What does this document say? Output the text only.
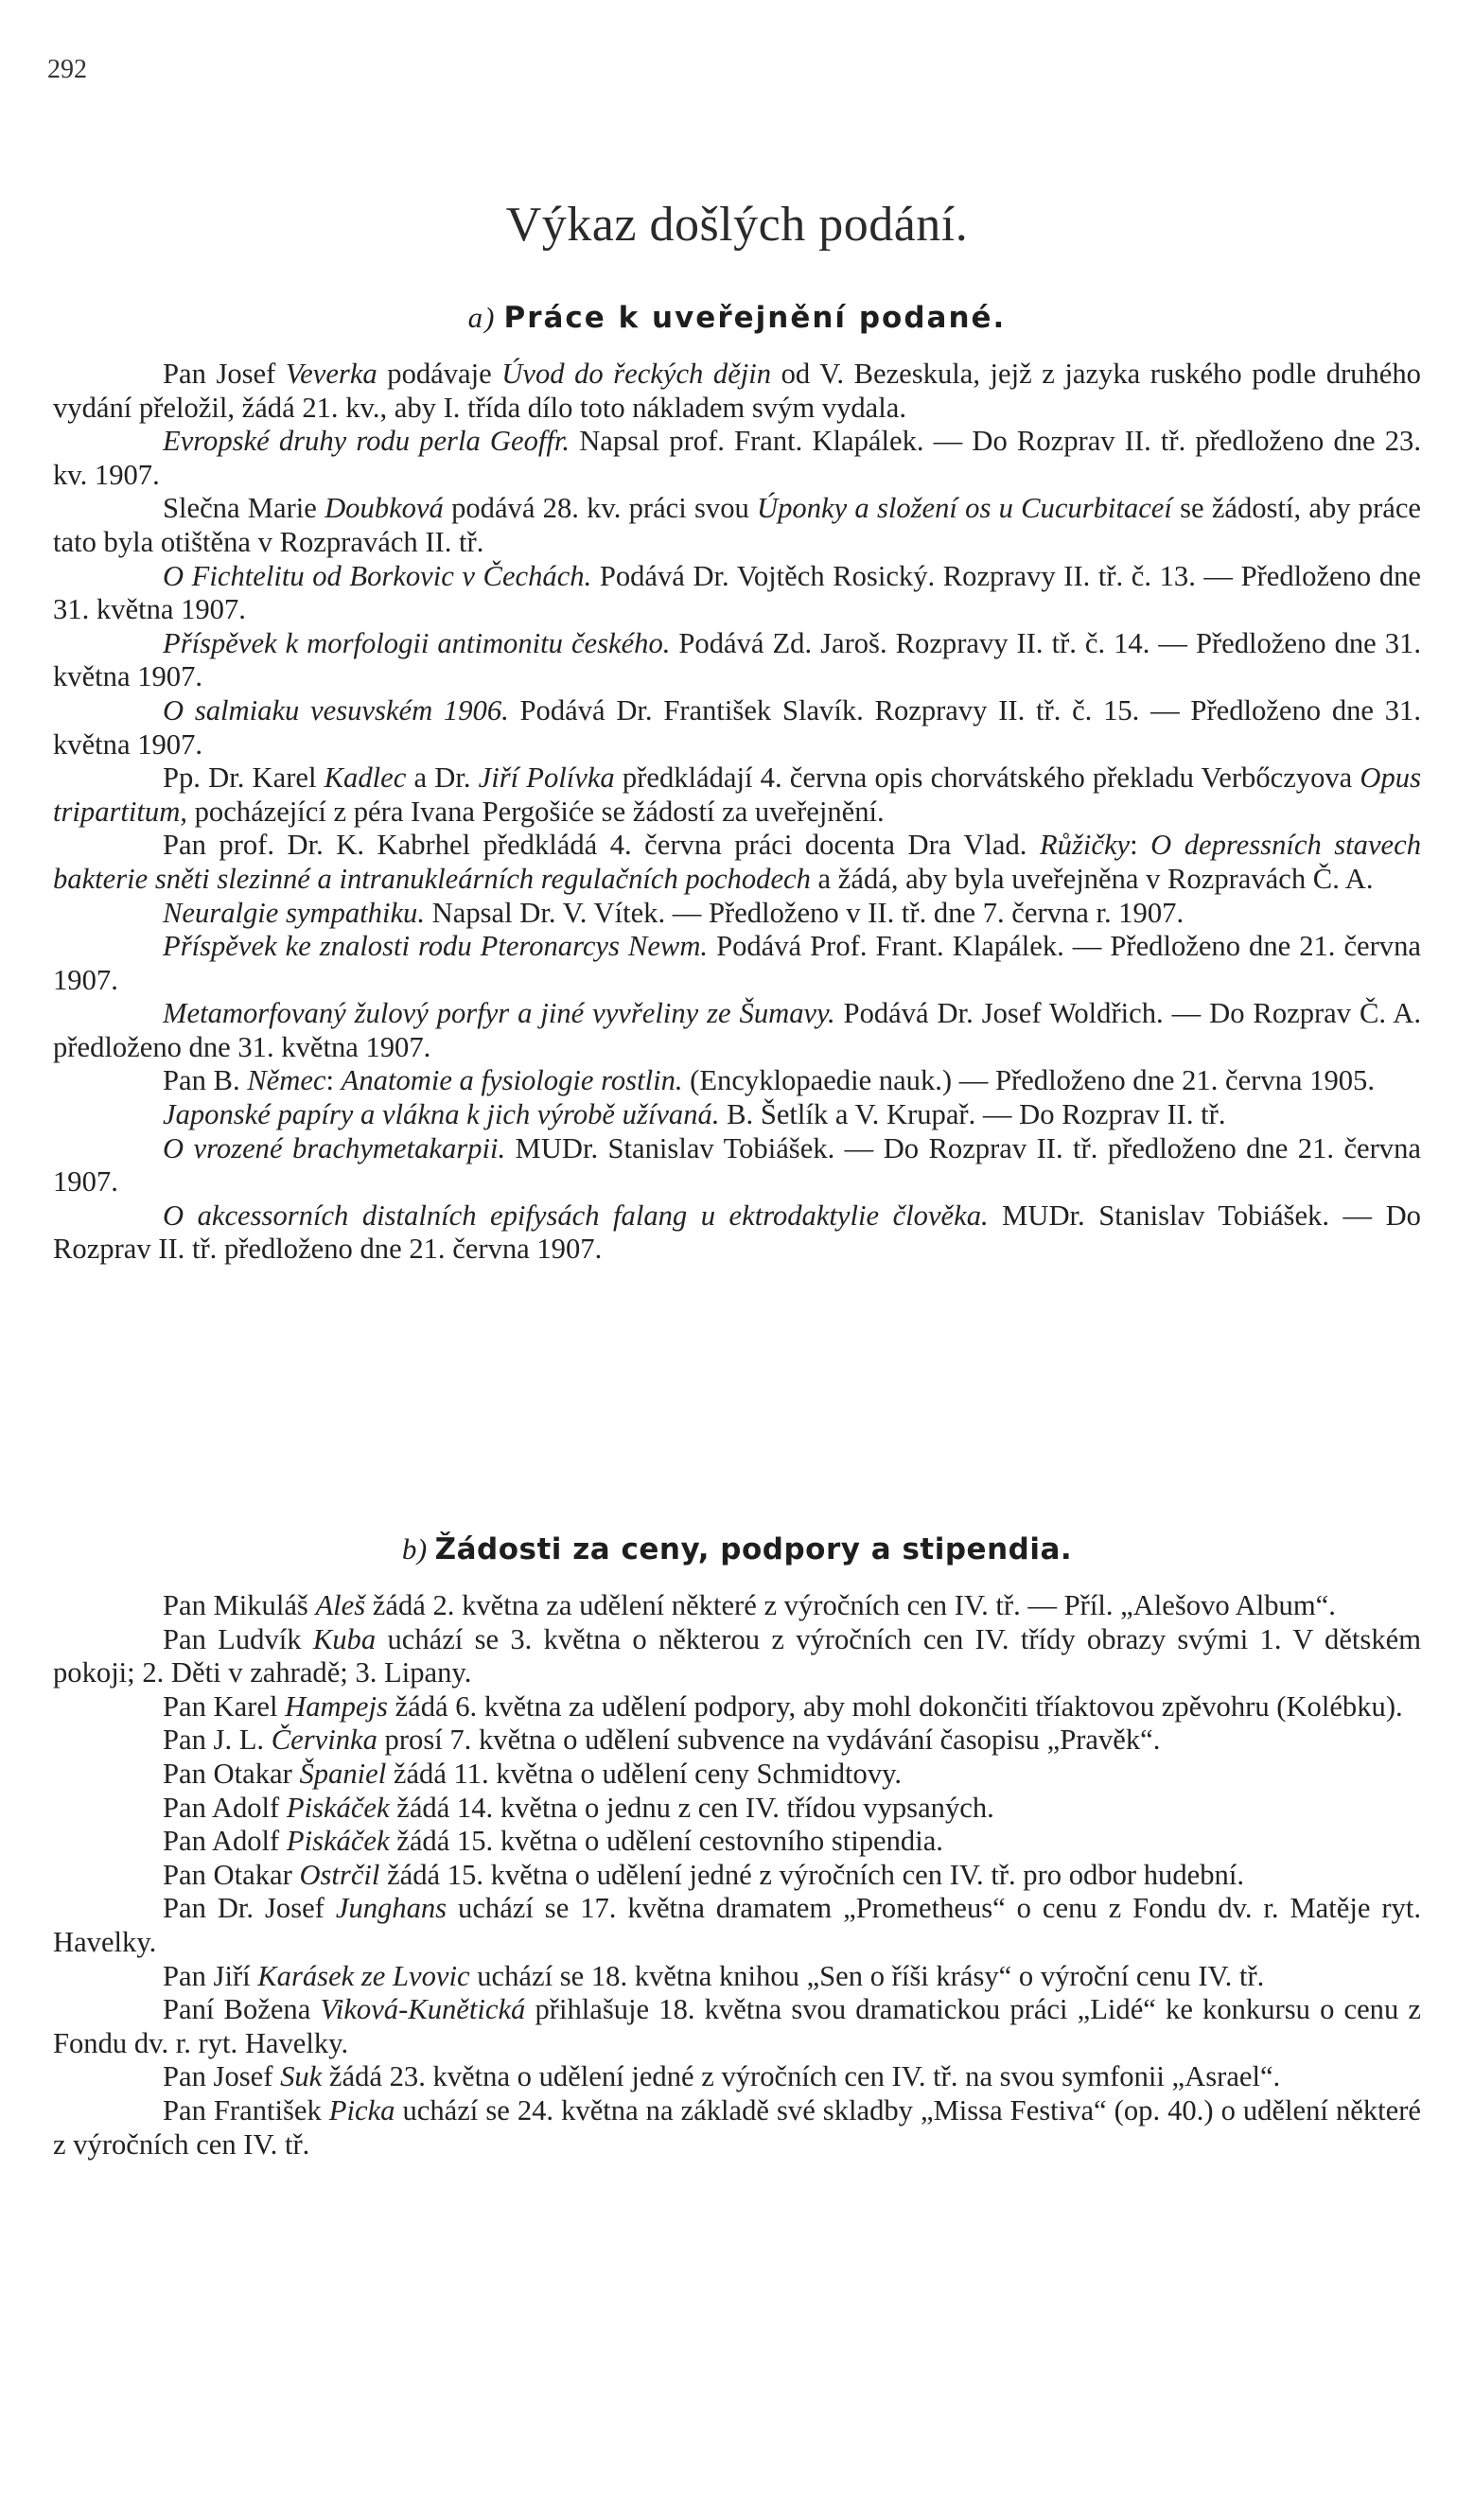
292
Výkaz došlých podání.
a) Práce k uveřejnění podané.

Pan Josef Veverka podávaje Úvod do řeckých dějin od V. Bezeskula, jejž z jazyka ruského podle druhého vydání přeložil, žádá 21. kv., aby I. třída dílo toto nákladem svým vydala.

Evropské druhy rodu perla Geoffr. Napsal prof. Frant. Klapálek. — Do Rozprav II. tř. předloženo dne 23. kv. 1907.

Slečna Marie Doubková podává 28. kv. práci svou Úponky a složení os u Cucurbitaceí se žádostí, aby práce tato byla otištěna v Rozpravách II. tř.

O Fichtelitu od Borkovic v Čechách. Podává Dr. Vojtěch Rosický. Rozpravy II. tř. č. 13. — Předloženo dne 31. května 1907.

Příspěvek k morfologii antimonitu českého. Podává Zd. Jaroš. Rozpravy II. tř. č. 14. — Předloženo dne 31. května 1907.

O salmiaku vesuvském 1906. Podává Dr. František Slavík. Rozpravy II. tř. č. 15. — Předloženo dne 31. května 1907.

Pp. Dr. Karel Kadlec a Dr. Jiří Polívka předkládají 4. června opis chorvátského překladu Verbőczyova Opus tripartitum, pocházející z péra Ivana Pergošiće se žádostí za uveřejnění.

Pan prof. Dr. K. Kabrhel předkládá 4. června práci docenta Dra Vlad. Růžičky: O depressních stavech bakterie sněti slezinné a intranukleárních regulačních pochodech a žádá, aby byla uveřejněna v Rozpravách Č. A.

Neuralgie sympathiku. Napsal Dr. V. Vítek. — Předloženo v II. tř. dne 7. června r. 1907.

Příspěvek ke znalosti rodu Pteronarcys Newm. Podává Prof. Frant. Klapálek. — Předloženo dne 21. června 1907.

Metamorfovaný žulový porfyr a jiné vyvřeliny ze Šumavy. Podává Dr. Josef Woldřich. — Do Rozprav Č. A. předloženo dne 31. května 1907.

Pan B. Němec: Anatomie a fysiologie rostlin. (Encyklopaedie nauk.) — Předloženo dne 21. června 1905.

Japonské papíry a vlákna k jich výrobě užívaná. B. Šetlík a V. Krupař. — Do Rozprav II. tř.

O vrozené brachymetakarpii. MUDr. Stanislav Tobiášek. — Do Rozprav II. tř. předloženo dne 21. června 1907.

O akcessorních distalních epifysách falang u ektrodaktylie člověka. MUDr. Stanislav Tobiášek. — Do Rozprav II. tř. předloženo dne 21. června 1907.

b) Žádosti za ceny, podpory a stipendia.

Pan Mikuláš Aleš žádá 2. května za udělení některé z výročních cen IV. tř. — Příl. „Alešovo Album“.

Pan Ludvík Kuba uchází se 3. května o některou z výročních cen IV. třídy obrazy svými 1. V dětském pokoji; 2. Děti v zahradě; 3. Lipany.

Pan Karel Hampejs žádá 6. května za udělení podpory, aby mohl dokončiti tříaktovou zpěvohru (Kolébku).

Pan J. L. Červinka prosí 7. května o udělení subvence na vydávání časopisu „Pravěk“.

Pan Otakar Španiel žádá 11. května o udělení ceny Schmidtovy.

Pan Adolf Piskáček žádá 14. května o jednu z cen IV. třídou vypsaných.

Pan Adolf Piskáček žádá 15. května o udělení cestovního stipendia.

Pan Otakar Ostrčil žádá 15. května o udělení jedné z výročních cen IV. tř. pro odbor hudební.

Pan Dr. Josef Junghans uchází se 17. května dramatem „Prometheus“ o cenu z Fondu dv. r. Matěje ryt. Havelky.

Pan Jiří Karásek ze Lvovic uchází se 18. května knihou „Sen o říši krásy“ o výroční cenu IV. tř.

Paní Božena Viková-Kunětická přihlašuje 18. května svou dramatickou práci „Lidé“ ke konkursu o cenu z Fondu dv. r. ryt. Havelky.

Pan Josef Suk žádá 23. května o udělení jedné z výročních cen IV. tř. na svou symfonii „Asrael“.

Pan František Picka uchází se 24. května na základě své skladby „Missa Festiva“ (op. 40.) o udělení některé z výročních cen IV. tř.
